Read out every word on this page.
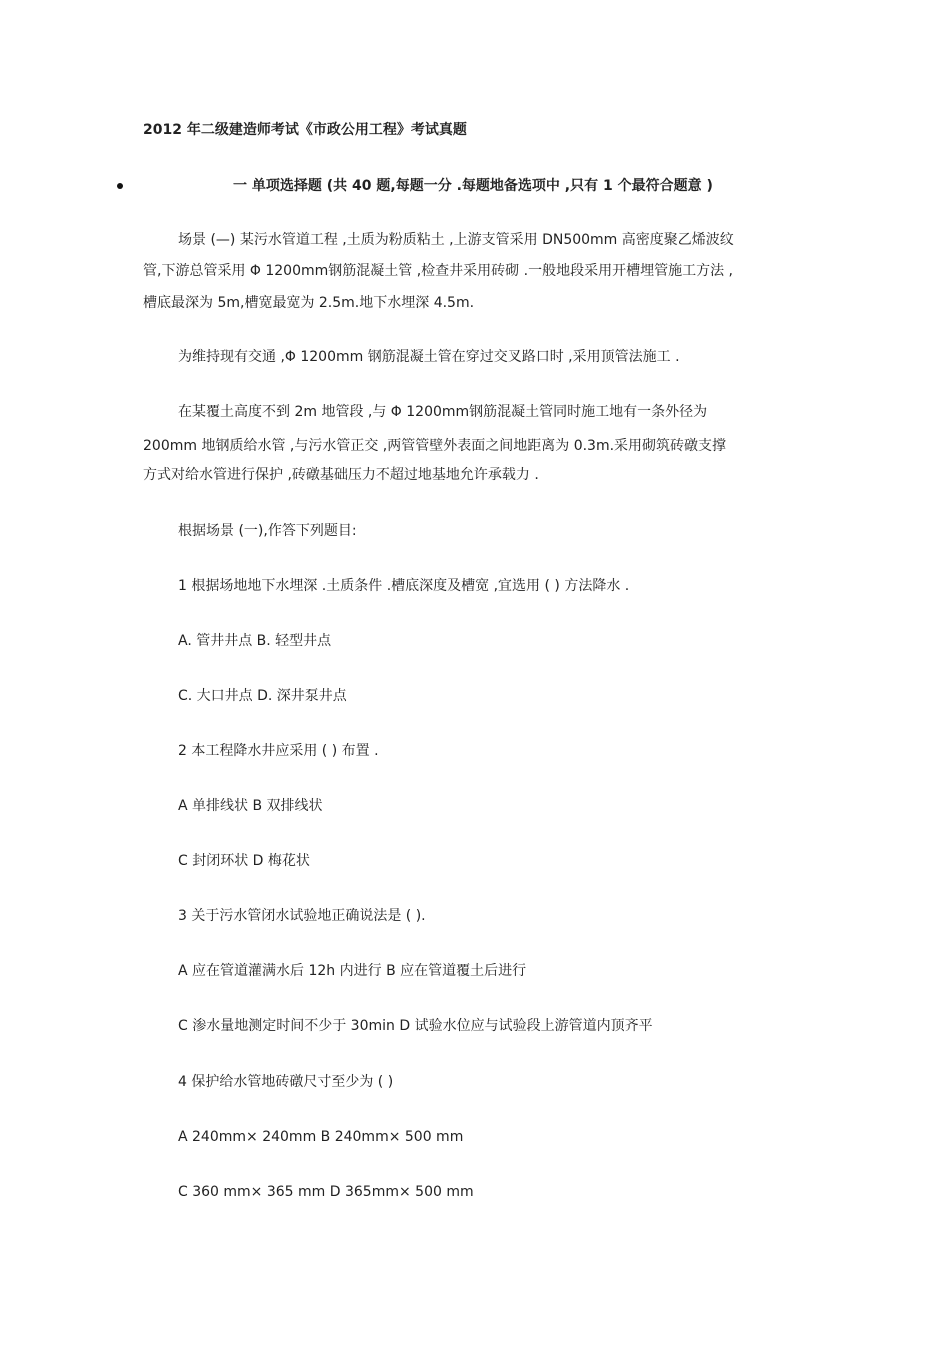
2012 年二级建造师考试《市政公用工程》考试真题
一 单项选择题 (共 40 题,每题一分 .每题地备选项中 ,只有 1 个最符合题意 )
场景 (—) 某污水管道工程 ,土质为粉质粘土 ,上游支管采用 DN500mm 高密度聚乙烯波纹
管,下游总管采用 Φ 1200mm钢筋混凝土管 ,检查井采用砖砌 .一般地段采用开槽埋管施工方法 ,
槽底最深为 5m,槽宽最宽为 2.5m.地下水埋深 4.5m.
为维持现有交通 ,Φ 1200mm 钢筋混凝土管在穿过交叉路口时 ,采用顶管法施工 .
在某覆土高度不到 2m 地管段 ,与 Φ 1200mm钢筋混凝土管同时施工地有一条外径为
200mm 地钢质给水管 ,与污水管正交 ,两管管壁外表面之间地距离为 0.3m.采用砌筑砖礅支撑
方式对给水管进行保护 ,砖礅基础压力不超过地基地允许承载力 .
根据场景 (一),作答下列题目:
1 根据场地地下水埋深 .土质条件 .槽底深度及槽宽 ,宜选用 ( ) 方法降水 .
A. 管井井点 B. 轻型井点
C. 大口井点 D. 深井泵井点
2 本工程降水井应采用 ( ) 布置 .
A 单排线状 B 双排线状
C 封闭环状 D 梅花状
3 关于污水管闭水试验地正确说法是 ( ).
A 应在管道灌满水后 12h 内进行 B 应在管道覆土后进行
C 渗水量地测定时间不少于 30min D 试验水位应与试验段上游管道内顶齐平
4 保护给水管地砖礅尺寸至少为 ( )
A 240mm× 240mm B 240mm× 500 mm
C 360 mm× 365 mm D 365mm× 500 mm
